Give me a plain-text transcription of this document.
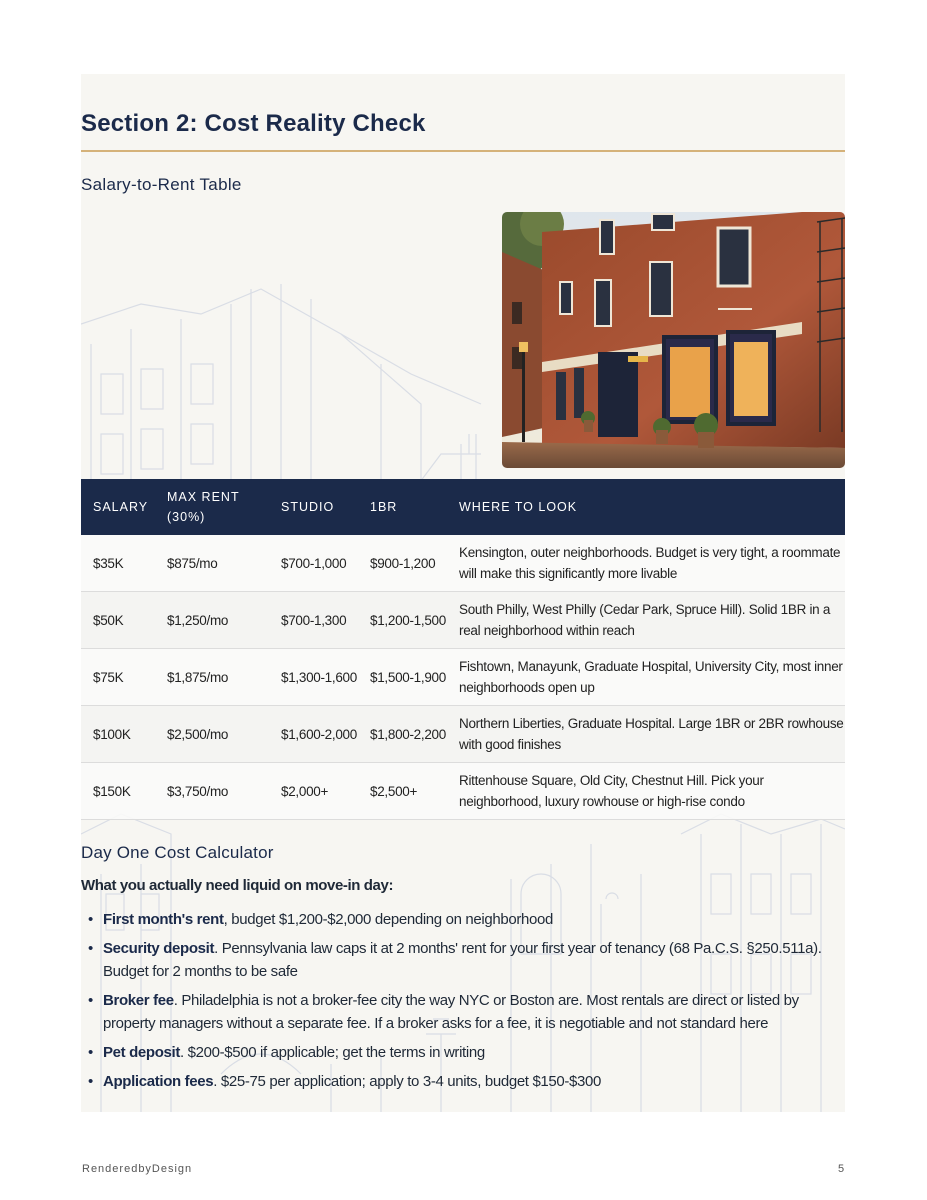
Section 2: Cost Reality Check
Salary-to-Rent Table
SALARY	MAX RENT (30%)	STUDIO	1BR	WHERE TO LOOK
$35K	$875/mo	$700-1,000	$900-1,200	Kensington, outer neighborhoods. Budget is very tight, a roommate will make this significantly more livable
$50K	$1,250/mo	$700-1,300	$1,200-1,500	South Philly, West Philly (Cedar Park, Spruce Hill). Solid 1BR in a real neighborhood within reach
$75K	$1,875/mo	$1,300-1,600	$1,500-1,900	Fishtown, Manayunk, Graduate Hospital, University City, most inner neighborhoods open up
$100K	$2,500/mo	$1,600-2,000	$1,800-2,200	Northern Liberties, Graduate Hospital. Large 1BR or 2BR rowhouse with good finishes
$150K	$3,750/mo	$2,000+	$2,500+	Rittenhouse Square, Old City, Chestnut Hill. Pick your neighborhood, luxury rowhouse or high-rise condo
Day One Cost Calculator

What you actually need liquid on move-in day:

• First month's rent, budget $1,200-$2,000 depending on neighborhood
• Security deposit. Pennsylvania law caps it at 2 months' rent for your first year of tenancy (68 Pa.C.S. §250.511a). Budget for 2 months to be safe
• Broker fee. Philadelphia is not a broker-fee city the way NYC or Boston are. Most rentals are direct or listed by property managers without a separate fee. If a broker asks for a fee, it is negotiable and not standard here
• Pet deposit. $200-$500 if applicable; get the terms in writing
• Application fees. $25-75 per application; apply to 3-4 units, budget $150-$300
RenderedbyDesign	5
